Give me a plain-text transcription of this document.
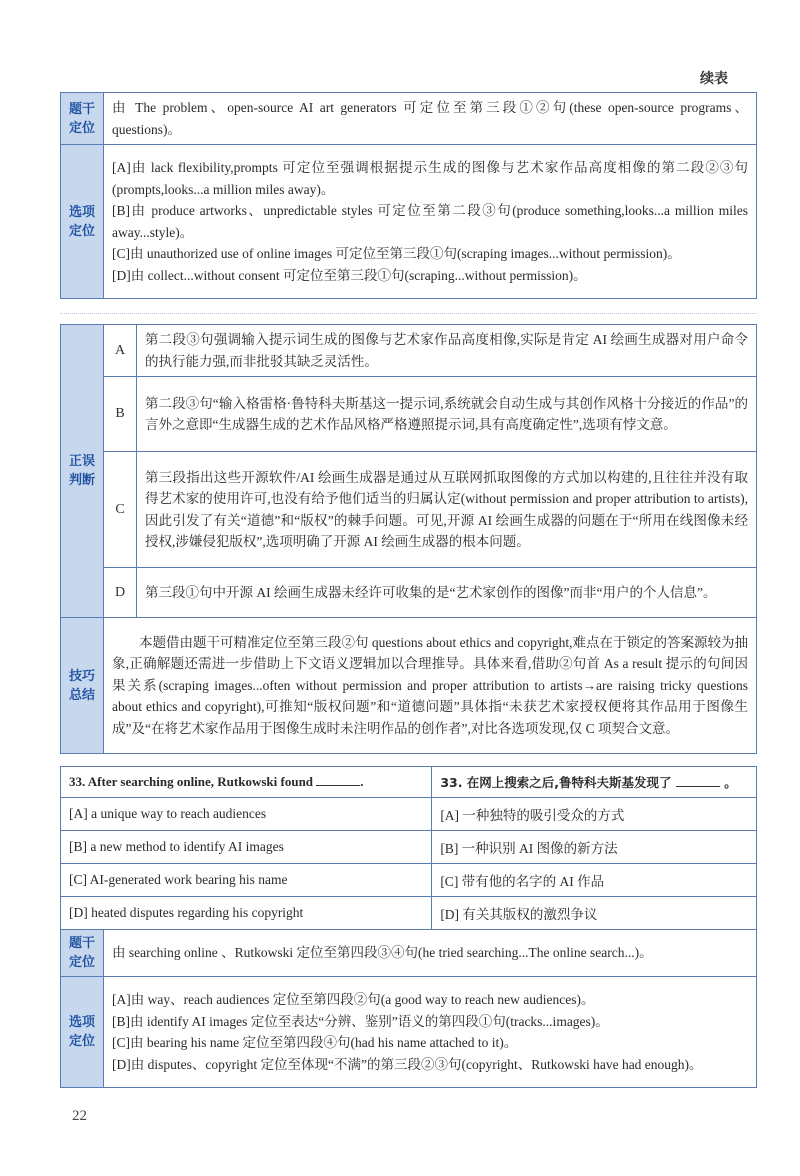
续表
题干
定位	由 The problem、open-source AI art generators 可定位至第三段①②句(these open-source programs、questions)。

选项
定位

[A]由 lack flexibility,prompts 可定位至强调根据提示生成的图像与艺术家作品高度相像的第二段②③句(prompts,looks...a million miles away)。
[B]由 produce artworks、unpredictable styles 可定位至第二段③句(produce something,looks...a million miles away...style)。
[C]由 unauthorized use of online images 可定位至第三段①句(scraping images...without permission)。
[D]由 collect...without consent 可定位至第三段①句(scraping...without permission)。
正误
判断	A	第二段③句强调输入提示词生成的图像与艺术家作品高度相像,实际是肯定 AI 绘画生成器对用户命令的执行能力强,而非批驳其缺乏灵活性。
	B	第二段③句“输入格雷格·鲁特科夫斯基这一提示词,系统就会自动生成与其创作风格十分接近的作品”的言外之意即“生成器生成的艺术作品风格严格遵照提示词,具有高度确定性”,选项有悖文意。
	C	第三段指出这些开源软件/AI 绘画生成器是通过从互联网抓取图像的方式加以构建的,且往往并没有取得艺术家的使用许可,也没有给予他们适当的归属认定(without permission and proper attribution to artists),因此引发了有关“道德”和“版权”的棘手问题。可见,开源 AI 绘画生成器的问题在于“所用在线图像未经授权,涉嫌侵犯版权”,选项明确了开源 AI 绘画生成器的根本问题。
	D	第三段①句中开源 AI 绘画生成器未经许可收集的是“艺术家创作的图像”而非“用户的个人信息”。

技巧
总结	本题借由题干可精准定位至第三段②句 questions about ethics and copyright,难点在于锁定的答案源较为抽象,正确解题还需进一步借助上下文语义逻辑加以合理推导。具体来看,借助②句首 As a result 提示的句间因果关系(scraping images...often without permission and proper attribution to artists→are raising tricky questions about ethics and copyright),可推知“版权问题”和“道德问题”具体指“未获艺术家授权便将其作品用于图像生成”及“在将艺术家作品用于图像生成时未注明作品的创作者”,对比各选项发现,仅 C 项契合文意。	
33. After searching online, Rutkowski found .		33. 在网上搜索之后,鲁特科夫斯基发现了 。
[A] a unique way to reach audiences		[A] 一种独特的吸引受众的方式
[B] a new method to identify AI images		[B] 一种识别 AI 图像的新方法
[C] AI-generated work bearing his name		[C] 带有他的名字的 AI 作品
[D] heated disputes regarding his copyright		[D] 有关其版权的激烈争议

题干
定位	由 searching online 、Rutkowski 定位至第四段③④句(he tried searching...The online search...)。	

选项
定位

[A]由 way、reach audiences 定位至第四段②句(a good way to reach new audiences)。
[B]由 identify AI images 定位至表达“分辨、鉴别”语义的第四段①句(tracks...images)。
[C]由 bearing his name 定位至第四段④句(had his name attached to it)。
[D]由 disputes、copyright 定位至体现“不满”的第三段②③句(copyright、Rutkowski have had enough)。
22
